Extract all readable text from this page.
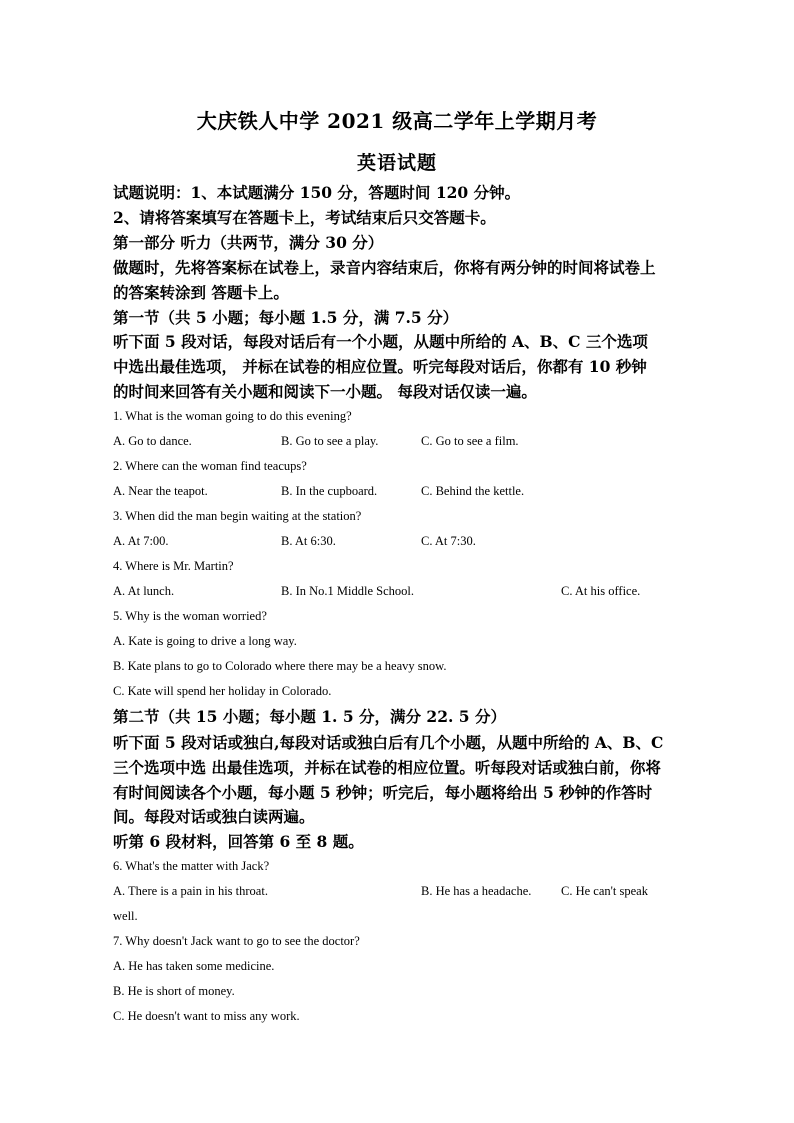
大庆铁人中学 2021 级高二学年上学期月考
英语试题
试题说明：1、本试题满分 150 分，答题时间 120 分钟。
2、请将答案填写在答题卡上，考试结束后只交答题卡。
第一部分 听力（共两节，满分 30 分）
做题时，先将答案标在试卷上，录音内容结束后，你将有两分钟的时间将试卷上
的答案转涂到 答题卡上。
第一节（共 5 小题；每小题 1.5 分，满 7.5 分）
听下面 5 段对话，每段对话后有一个小题，从题中所给的 A、B、C 三个选项
中选出最佳选项， 并标在试卷的相应位置。听完每段对话后，你都有 10 秒钟
的时间来回答有关小题和阅读下一小题。 每段对话仅读一遍。
1. What is the woman going to do this evening?
A. Go to dance.	B. Go to see a play.	C. Go to see a film.
2. Where can the woman find teacups?
A. Near the teapot.	B. In the cupboard.	C. Behind the kettle.
3. When did the man begin waiting at the station?
A. At 7:00.	B. At 6:30.	C. At 7:30.
4. Where is Mr. Martin?
A. At lunch.	B. In No.1 Middle School.	C. At his office.
5. Why is the woman worried?
A. Kate is going to drive a long way.
B. Kate plans to go to Colorado where there may be a heavy snow.
C. Kate will spend her holiday in Colorado.
第二节（共 15 小题；每小题 1. 5 分，满分 22. 5 分）
听下面 5 段对话或独白,每段对话或独白后有几个小题，从题中所给的 A、B、C
三个选项中选 出最佳选项，并标在试卷的相应位置。听每段对话或独白前，你将
有时间阅读各个小题，每小题 5 秒钟；听完后，每小题将给出 5 秒钟的作答时
间。每段对话或独白读两遍。
听第 6 段材料，回答第 6 至 8 题。
6. What's the matter with Jack?
A. There is a pain in his throat.	B. He has a headache. C. He can't speak
well.
7. Why doesn't Jack want to go to see the doctor?
A. He has taken some medicine.
B. He is short of money.
C. He doesn't want to miss any work.
